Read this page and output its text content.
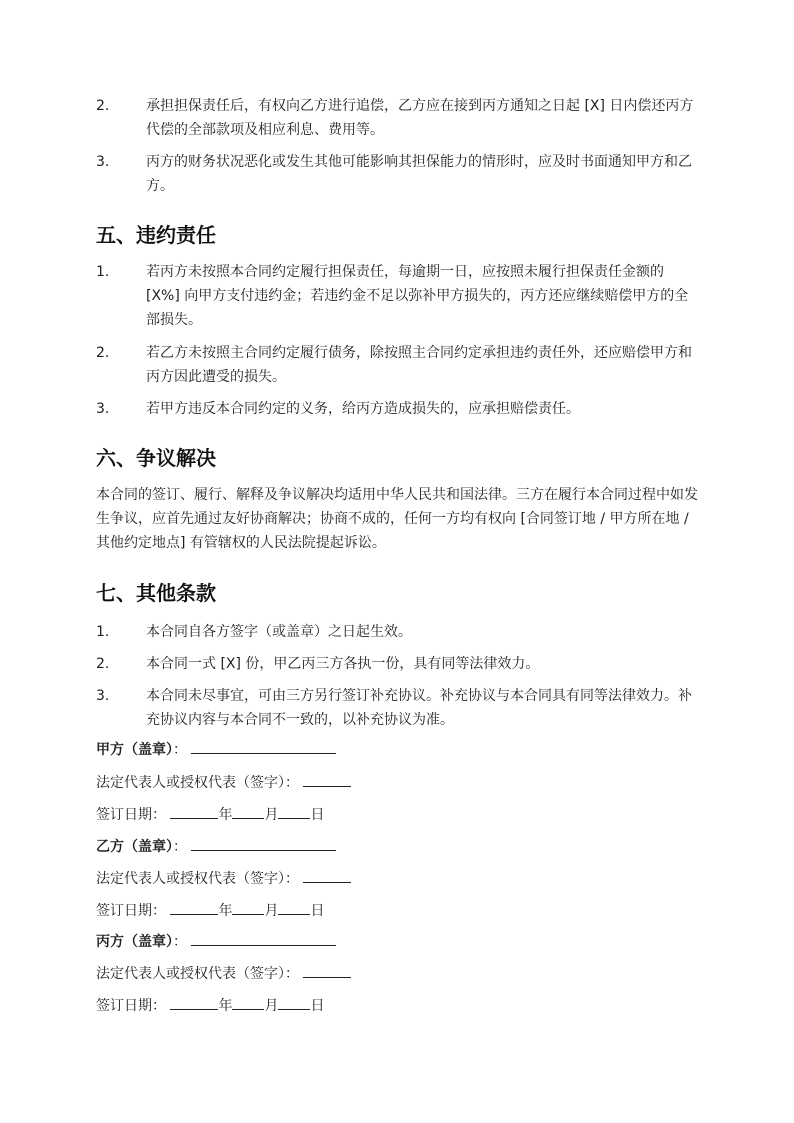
2.	承担担保责任后，有权向乙方进行追偿，乙方应在接到丙方通知之日起 [X] 日内偿还丙方代偿的全部款项及相应利息、费用等。
3.	丙方的财务状况恶化或发生其他可能影响其担保能力的情形时，应及时书面通知甲方和乙方。
五、违约责任
1.	若丙方未按照本合同约定履行担保责任，每逾期一日，应按照未履行担保责任金额的 [X%] 向甲方支付违约金；若违约金不足以弥补甲方损失的，丙方还应继续赔偿甲方的全部损失。
2.	若乙方未按照主合同约定履行债务，除按照主合同约定承担违约责任外，还应赔偿甲方和丙方因此遭受的损失。
3.	若甲方违反本合同约定的义务，给丙方造成损失的，应承担赔偿责任。
六、争议解决
本合同的签订、履行、解释及争议解决均适用中华人民共和国法律。三方在履行本合同过程中如发生争议，应首先通过友好协商解决；协商不成的，任何一方均有权向 [合同签订地 / 甲方所在地 / 其他约定地点] 有管辖权的人民法院提起诉讼。
七、其他条款
1.	本合同自各方签字（或盖章）之日起生效。
2.	本合同一式 [X] 份，甲乙丙三方各执一份，具有同等法律效力。
3.	本合同未尽事宜，可由三方另行签订补充协议。补充协议与本合同具有同等法律效力。补充协议内容与本合同不一致的，以补充协议为准。
甲方（盖章）：
法定代表人或授权代表（签字）：
签订日期：	年 月 日
乙方（盖章）：
法定代表人或授权代表（签字）：
签订日期：	年 月 日
丙方（盖章）：
法定代表人或授权代表（签字）：
签订日期：	年 月 日
